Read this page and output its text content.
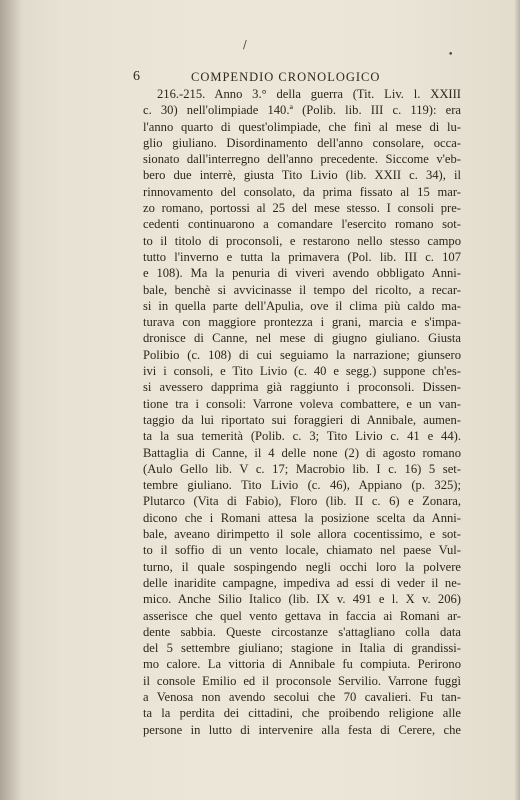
/
•
6	COMPENDIO CRONOLOGICO
216.-215. Anno 3.° della guerra (Tit. Liv. l. XXIII
c. 30) nell'olimpiade 140.ª (Polib. lib. III c. 119): era
l'anno quarto di quest'olimpiade, che finì al mese di lu-
glio giuliano. Disordinamento dell'anno consolare, occa-
sionato dall'interregno dell'anno precedente. Siccome v'eb-
bero due interrè, giusta Tito Livio (lib. XXII c. 34), il
rinnovamento del consolato, da prima fissato al 15 mar-
zo romano, portossi al 25 del mese stesso. I consoli pre-
cedenti continuarono a comandare l'esercito romano sot-
to il titolo di proconsoli, e restarono nello stesso campo
tutto l'inverno e tutta la primavera (Pol. lib. III c. 107
e 108). Ma la penuria di viveri avendo obbligato Anni-
bale, benchè si avvicinasse il tempo del ricolto, a recar-
si in quella parte dell'Apulia, ove il clima più caldo ma-
turava con maggiore prontezza i grani, marcia e s'impa-
dronisce di Canne, nel mese di giugno giuliano. Giusta
Polibio (c. 108) di cui seguiamo la narrazione; giunsero
ivi i consoli, e Tito Livio (c. 40 e segg.) suppone ch'es-
si avessero dapprima già raggiunto i proconsoli. Dissen-
tione tra i consoli: Varrone voleva combattere, e un van-
taggio da lui riportato sui foraggieri di Annibale, aumen-
ta la sua temerità (Polib. c. 3; Tito Livio c. 41 e 44).
Battaglia di Canne, il 4 delle none (2) di agosto romano
(Aulo Gello lib. V c. 17; Macrobio lib. I c. 16) 5 set-
tembre giuliano. Tito Livio (c. 46), Appiano (p. 325);
Plutarco (Vita di Fabio), Floro (lib. II c. 6) e Zonara,
dicono che i Romani attesa la posizione scelta da Anni-
bale, aveano dirimpetto il sole allora cocentissimo, e sot-
to il soffio di un vento locale, chiamato nel paese Vul-
turno, il quale sospingendo negli occhi loro la polvere
delle inaridite campagne, impediva ad essi di veder il ne-
mico. Anche Silio Italico (lib. IX v. 491 e l. X v. 206)
asserisce che quel vento gettava in faccia ai Romani ar-
dente sabbia. Queste circostanze s'attagliano colla data
del 5 settembre giuliano; stagione in Italia di grandissi-
mo calore. La vittoria di Annibale fu compiuta. Perirono
il console Emilio ed il proconsole Servilio. Varrone fuggì
a Venosa non avendo secolui che 70 cavalieri. Fu tan-
ta la perdita dei cittadini, che proibendo religione alle
persone in lutto di intervenire alla festa di Cerere, che
